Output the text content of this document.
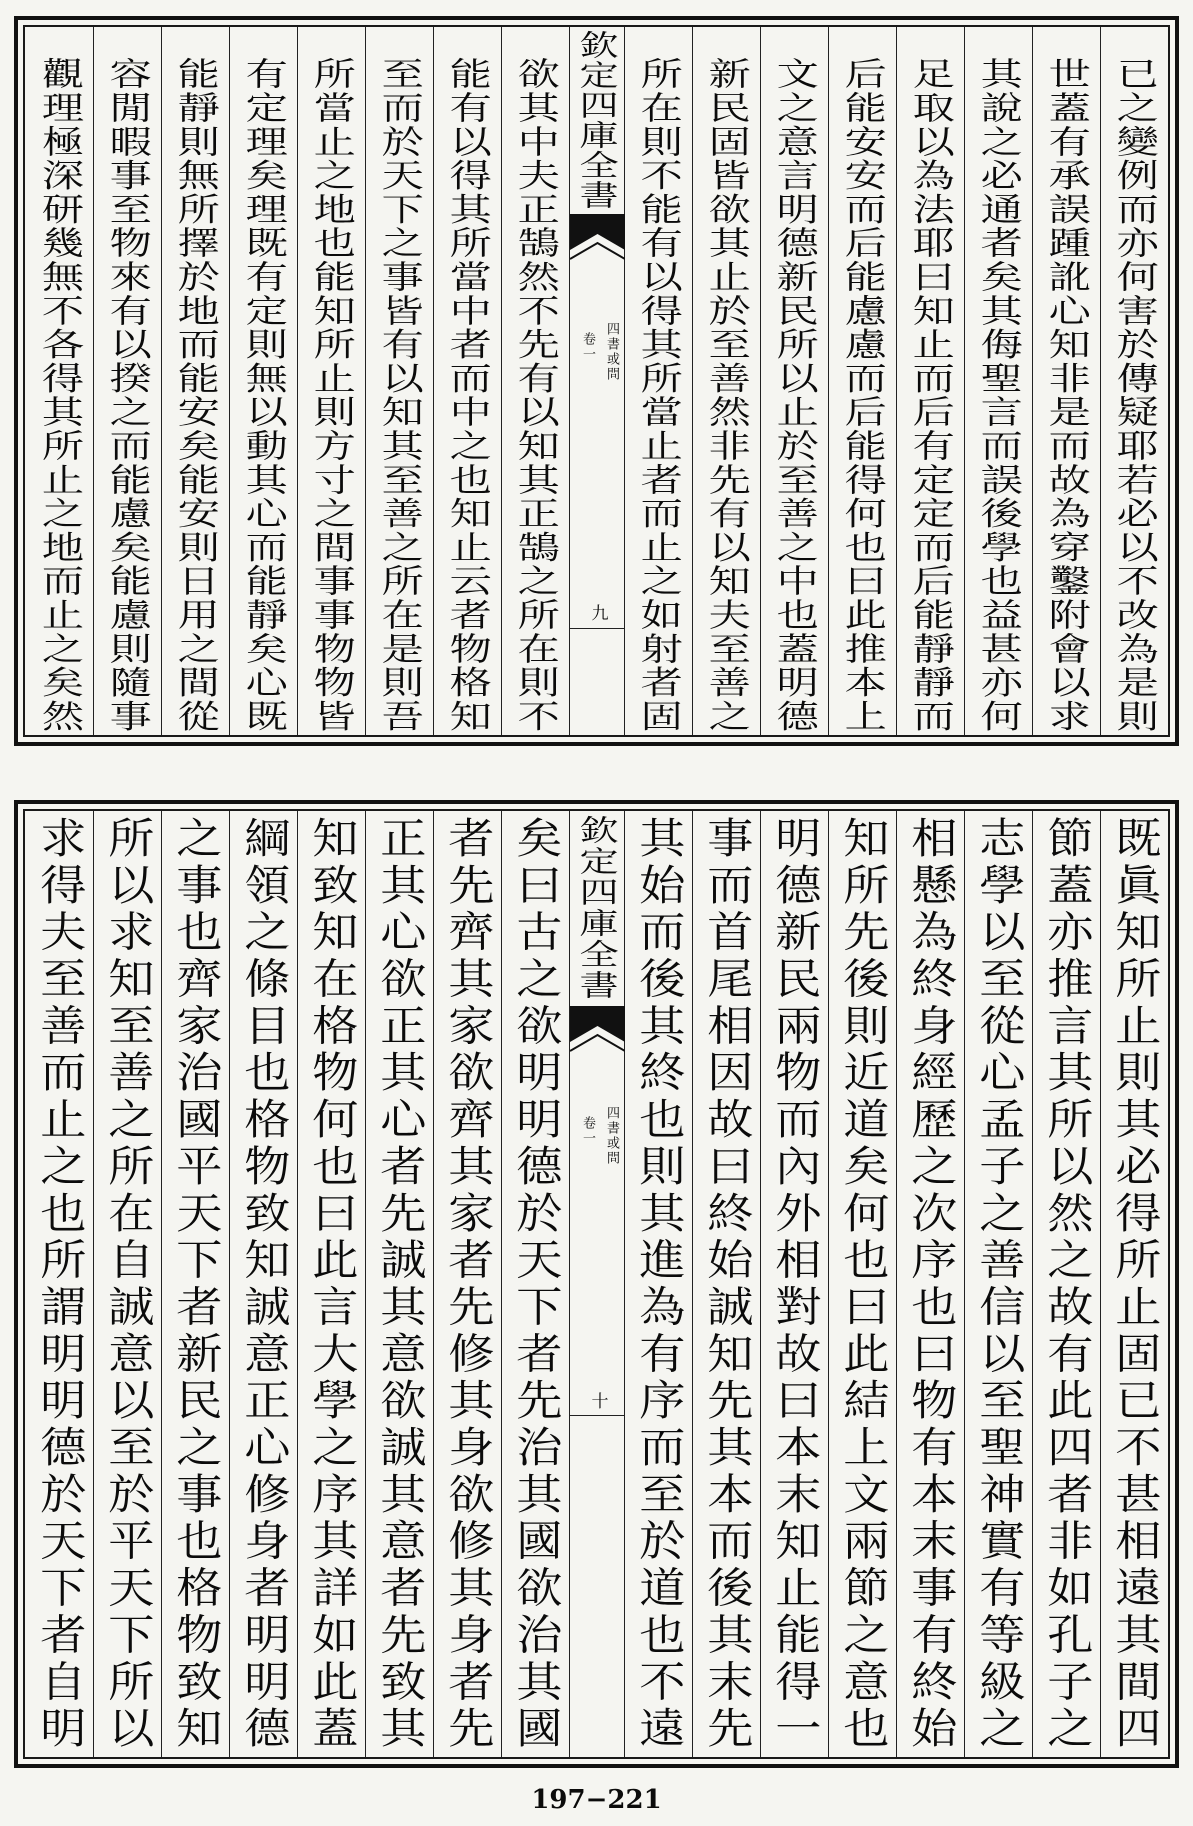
已之變例而亦何害於傳疑耶若必以不改為是則
世蓋有承誤踵訛心知非是而故為穿鑿附會以求
其說之必通者矣其侮聖言而誤後學也益甚亦何
足取以為法耶曰知止而后有定定而后能靜靜而
后能安安而后能慮慮而后能得何也曰此推本上
文之意言明德新民所以止於至善之中也蓋明德
新民固皆欲其止於至善然非先有以知夫至善之
所在則不能有以得其所當止者而止之如射者固
欽定四庫全書
四書或問
卷一
九
欲其中夫正鵠然不先有以知其正鵠之所在則不
能有以得其所當中者而中之也知止云者物格知
至而於天下之事皆有以知其至善之所在是則吾
所當止之地也能知所止則方寸之間事事物物皆
有定理矣理既有定則無以動其心而能靜矣心既
能靜則無所擇於地而能安矣能安則日用之間從
容閒暇事至物來有以揆之而能慮矣能慮則隨事
觀理極深研幾無不各得其所止之地而止之矣然
既眞知所止則其必得所止固已不甚相遠其間四
節蓋亦推言其所以然之故有此四者非如孔子之
志學以至從心孟子之善信以至聖神實有等級之
相懸為終身經歷之次序也曰物有本末事有終始
知所先後則近道矣何也曰此結上文兩節之意也
明德新民兩物而內外相對故曰本末知止能得一
事而首尾相因故曰終始誠知先其本而後其末先
其始而後其終也則其進為有序而至於道也不遠
欽定四庫全書
四書或問
卷一
十
矣曰古之欲明明德於天下者先治其國欲治其國
者先齊其家欲齊其家者先修其身欲修其身者先
正其心欲正其心者先誠其意欲誠其意者先致其
知致知在格物何也曰此言大學之序其詳如此蓋
綱領之條目也格物致知誠意正心修身者明明德
之事也齊家治國平天下者新民之事也格物致知
所以求知至善之所在自誠意以至於平天下所以
求得夫至善而止之也所謂明明德於天下者自明
197−221
